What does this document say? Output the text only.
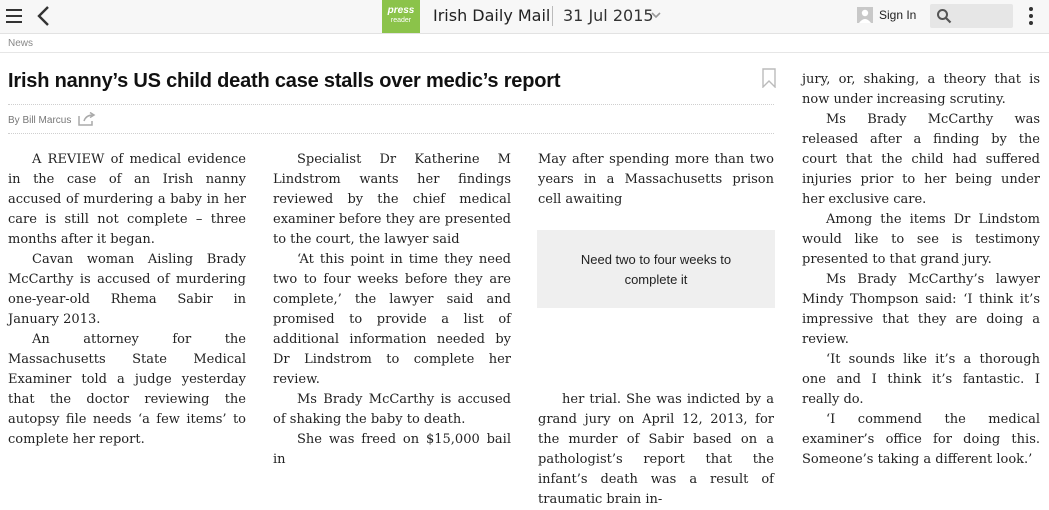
press
reader	Irish Daily Mail 31 Jul 2015	Sign In
News
Irish nanny’s US child death case stalls over medic’s report
By Bill Marcus

A REVIEW of medical evidence in the case of an Irish nanny accused of murdering a baby in her care is still not complete – three months after it began.

Cavan woman Aisling Brady McCarthy is accused of murdering one-year-old Rhema Sabir in January 2013.

An attorney for the Massachusetts State Medical Examiner told a judge yesterday that the doctor reviewing the autopsy file needs ‘a few items’ to complete her report.

Specialist Dr Katherine M Lindstrom wants her findings reviewed by the chief medical examiner before they are presented to the court, the lawyer said

‘At this point in time they need two to four weeks before they are complete,’ the lawyer said and promised to provide a list of additional information needed by Dr Lindstrom to complete her review.

Ms Brady McCarthy is accused of shaking the baby to death.

She was freed on $15,000 bail in

May after spending more than two years in a Massachusetts prison cell awaiting

Need two to four weeks to complete it

her trial. She was indicted by a grand jury on April 12, 2013, for the murder of Sabir based on a pathologist’s report that the infant’s death was a result of traumatic brain in-

jury, or, shaking, a theory that is now under increasing scrutiny.

Ms Brady McCarthy was released after a finding by the court that the child had suffered injuries prior to her being under her exclusive care.

Among the items Dr Lindstom would like to see is testimony presented to that grand jury.

Ms Brady McCarthy’s lawyer Mindy Thompson said: ‘I think it’s impressive that they are doing a review.

‘It sounds like it’s a thorough one and I think it’s fantastic. I really do.

‘I commend the medical examiner’s office for doing this. Someone’s taking a different look.’
